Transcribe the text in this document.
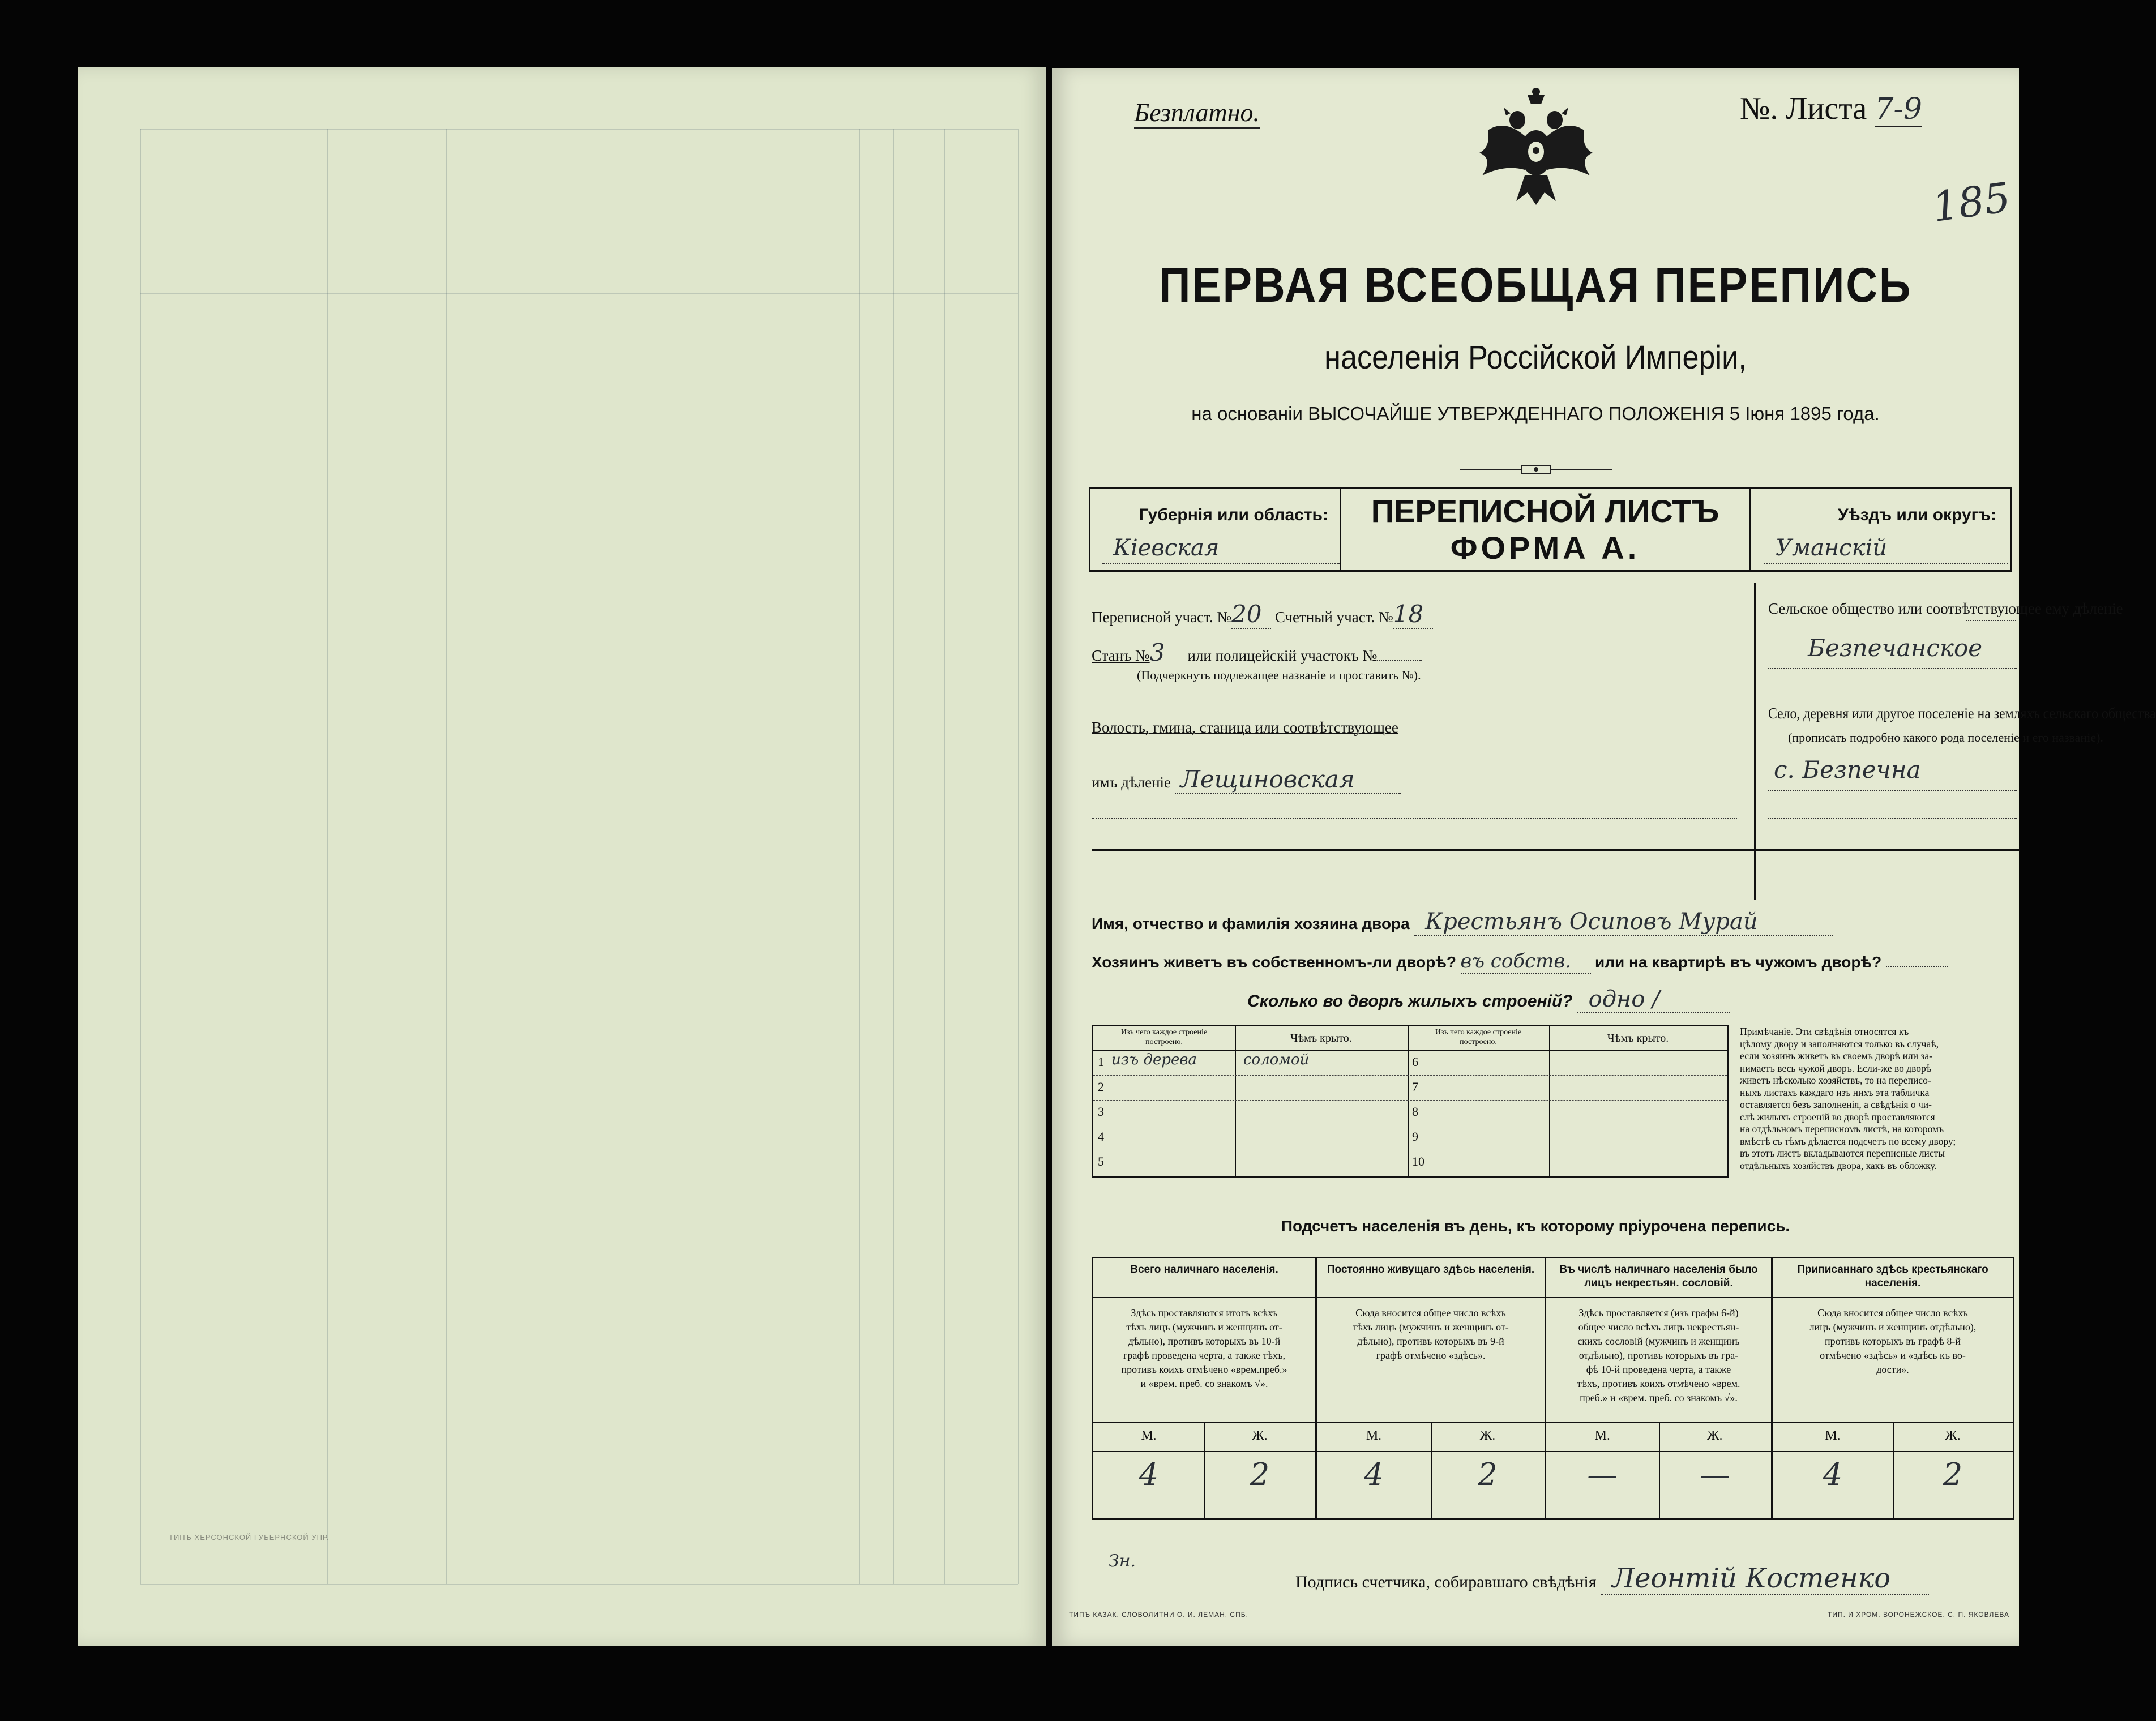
ТИПЪ ХЕРСОНСКОЙ ГУБЕРНСКОЙ УПР.
Безплатно.	№. Листа 7-9
185
ПЕРВАЯ ВСЕОБЩАЯ ПЕРЕПИСЬ
населенія Россійской Имперіи,
на основаніи ВЫСОЧАЙШЕ УТВЕРЖДЕННАГО ПОЛОЖЕНІЯ 5 Іюня 1895 года.
Губернія или область:
Кіевская
ПЕРЕПИСНОЙ ЛИСТЪ
ФОРМА А.
Уѣздъ или округъ:
Уманскій
Переписной участ. №20 Счетный участ. №18
Станъ №3 или полицейскій участокъ №
(Подчеркнуть подлежащее названіе и проставить №).
Волость, гмина, станица или соотвѣтствующее
имъ дѣленіе Лещиновская
Сельское общество или соотвѣтствующее ему дѣленіе
Безпечанское
Село, деревня или другое поселеніе на земляхъ сельскаго общества
(прописать подробно какого рода поселеніе и его названіе).
с. Безпечна
Имя, отчество и фамилія хозяина двора Крестьянъ Осиповъ Мурай
Хозяинъ живетъ въ собственномъ-ли дворѣ? въ собств. или на квартирѣ въ чужомъ дворѣ?
Сколько во дворѣ жилыхъ строеній? одно /
Изъ чего каждое строеніе построено.	Чѣмъ крыто.
1 изъ дерева	соломой
2
3
4
5
Изъ чего каждое строеніе построено.	Чѣмъ крыто.
6
7
8
9
10
Примѣчаніе. Эти свѣдѣнія относятся къ
цѣлому двору и заполняются только въ случаѣ,
если хозяинъ живетъ въ своемъ дворѣ или за-
нимаетъ весь чужой дворъ. Если-же во дворѣ
живетъ нѣсколько хозяйствъ, то на переписо-
ныхъ листахъ каждаго изъ нихъ эта табличка
оставляется безъ заполненія, а свѣдѣнія о чи-
слѣ жилыхъ строеній во дворѣ проставляются
на отдѣльномъ переписномъ листѣ, на которомъ
вмѣстѣ съ тѣмъ дѣлается подсчетъ по всему двору;
въ этотъ листъ вкладываются переписные листы
отдѣльныхъ хозяйствъ двора, какъ въ обложку.
Подсчетъ населенія въ день, къ которому пріурочена перепись.
Всего наличнаго населенія.
Здѣсь проставляются итогъ всѣхъ
тѣхъ лицъ (мужчинъ и женщинъ от-
дѣльно), противъ которыхъ въ 10-й
графѣ проведена черта, а также тѣхъ,
противъ коихъ отмѣчено «врем.преб.»
и «врем. преб. со знакомъ √».
М.	Ж.
4	2
Постоянно живущаго здѣсь населенія.
Сюда вносится общее число всѣхъ
тѣхъ лицъ (мужчинъ и женщинъ от-
дѣльно), противъ которыхъ въ 9-й
графѣ отмѣчено «здѣсь».
М.	Ж.
4	2
Въ числѣ наличнаго населенія было лицъ некрестьян. сословій.
Здѣсь проставляется (изъ графы 6-й)
общее число всѣхъ лицъ некрестьян-
скихъ сословій (мужчинъ и женщинъ
отдѣльно), противъ которыхъ въ гра-
фѣ 10-й проведена черта, а также
тѣхъ, противъ коихъ отмѣчено «врем.
преб.» и «врем. преб. со знакомъ √».
М.	Ж.
—	—
Приписаннаго здѣсь крестьянскаго населенія.
Сюда вносится общее число всѣхъ
лицъ (мужчинъ и женщинъ отдѣльно),
противъ которыхъ въ графѣ 8-й
отмѣчено «здѣсь» и «здѣсь къ во-
дости».
М.	Ж.
4	2
Зн.
Подпись счетчика, собиравшаго свѣдѣнія Леонтій Костенко
ТИПЪ КАЗАК. СЛОВОЛИТНИ О. И. ЛЕМАН. СПБ.	ТИП. И ХРОМ. ВОРОНЕЖСКОЕ. С. П. ЯКОВЛЕВА
